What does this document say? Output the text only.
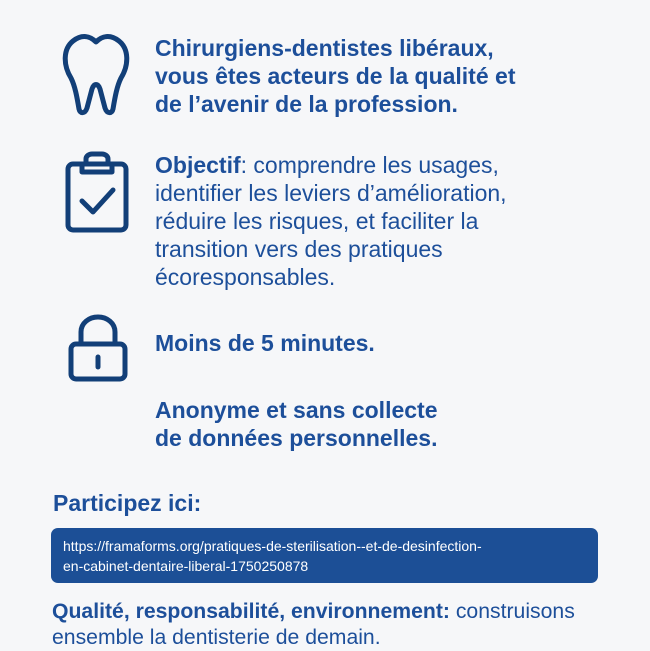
Chirurgiens-dentistes libéraux,
vous êtes acteurs de la qualité et
de l’avenir de la profession.
Objectif: comprendre les usages,
identifier les leviers d’amélioration,
réduire les risques, et faciliter la
transition vers des pratiques
écoresponsables.
Moins de 5 minutes.
Anonyme et sans collecte
de données personnelles.
Participez ici:
https://framaforms.org/pratiques-de-sterilisation--et-de-desinfection-
en-cabinet-dentaire-liberal-1750250878
Qualité, responsabilité, environnement: construisons
ensemble la dentisterie de demain.
